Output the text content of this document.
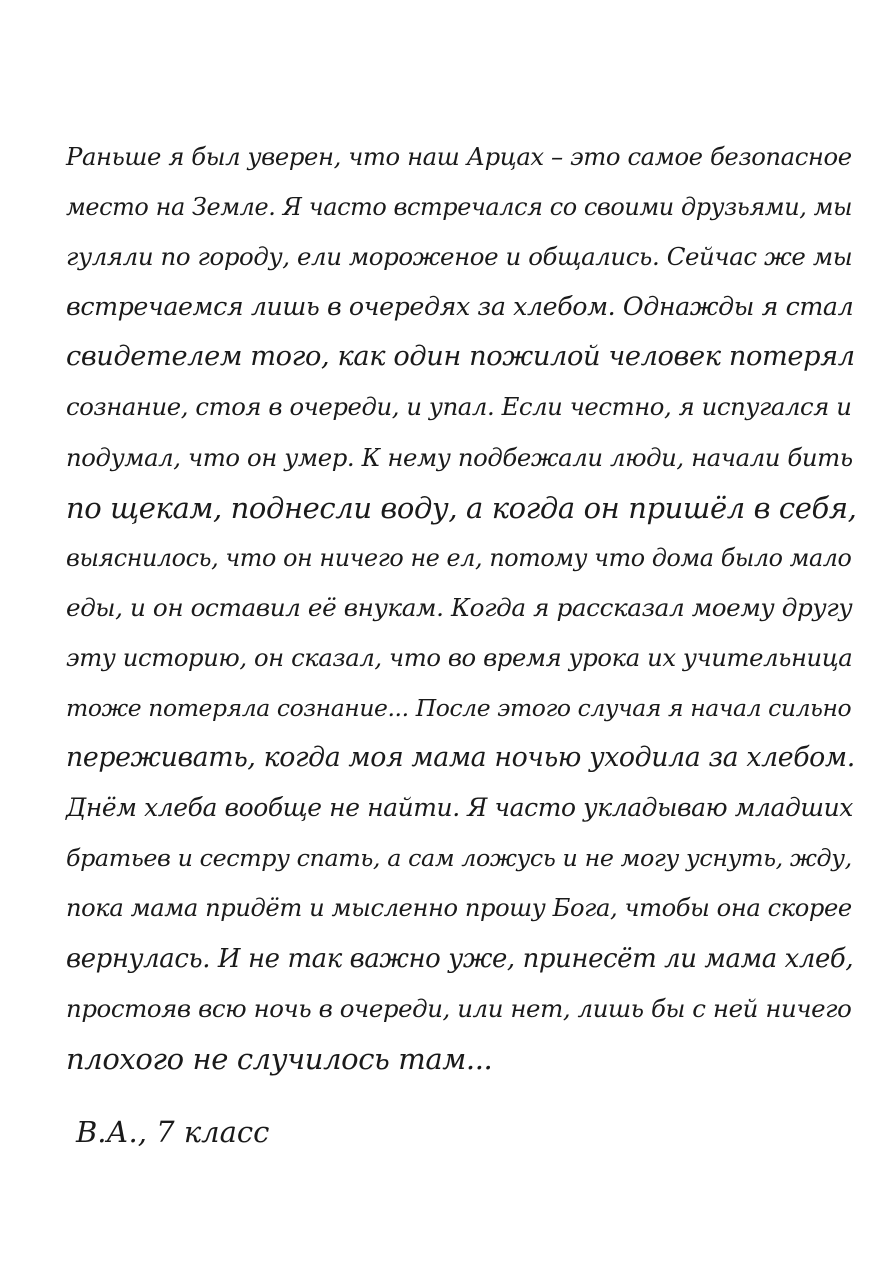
Раньше я был уверен, что наш Арцах – это самое безопасное
место на Земле. Я часто встречался со своими друзьями, мы
гуляли по городу, ели мороженое и общались. Сейчас же мы
встречаемся лишь в очередях за хлебом. Однажды я стал
свидетелем того, как один пожилой человек потерял
сознание, стоя в очереди, и упал. Если честно, я испугался и
подумал, что он умер. К нему подбежали люди, начали бить
по щекам, поднесли воду, а когда он пришёл в себя,
выяснилось, что он ничего не ел, потому что дома было мало
еды, и он оставил её внукам. Когда я рассказал моему другу
эту историю, он сказал, что во время урока их учительница
тоже потеряла сознание... После этого случая я начал сильно
переживать, когда моя мама ночью уходила за хлебом.
Днём хлеба вообще не найти. Я часто укладываю младших
братьев и сестру спать, а сам ложусь и не могу уснуть, жду,
пока мама придёт и мысленно прошу Бога, чтобы она скорее
вернулась. И не так важно уже, принесёт ли мама хлеб,
простояв всю ночь в очереди, или нет, лишь бы с ней ничего
плохого не случилось там...
В.А., 7 класс
